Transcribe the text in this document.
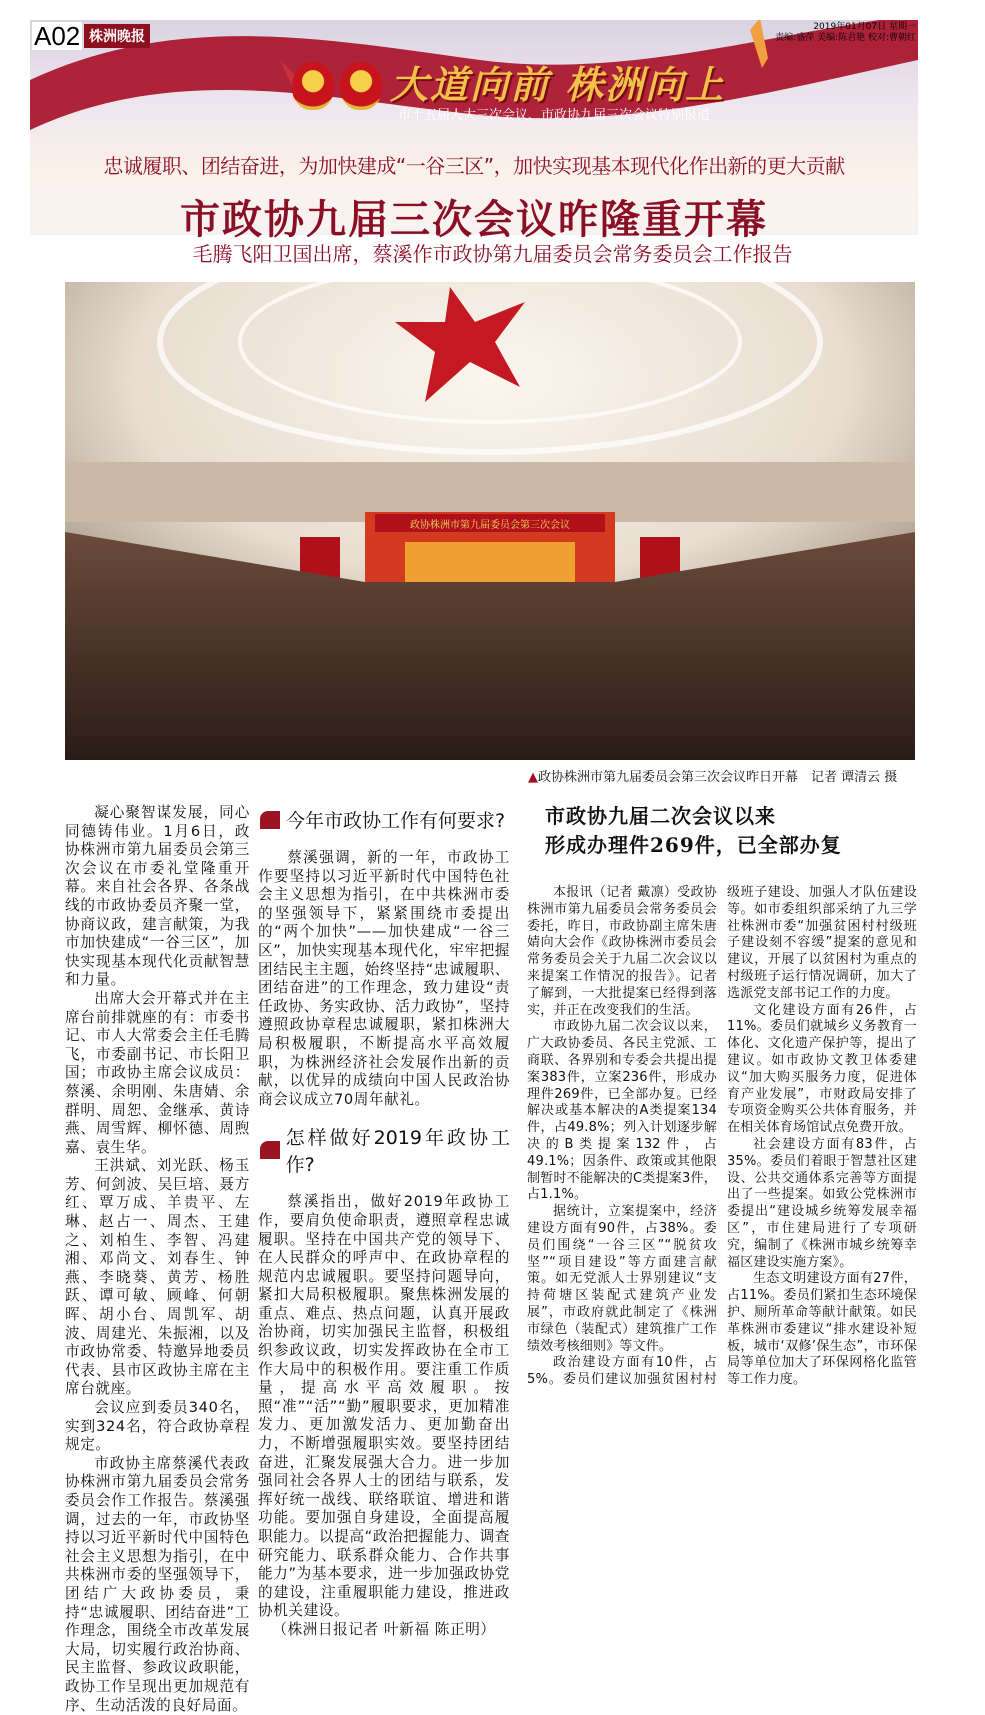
大道向前 株洲向上
市十五届人大三次会议、市政协九届三次会议特别报道
2019年01月07日 星期一
责编:盛萍 美编:陈君艳 校对:曹朝红
忠诚履职、团结奋进，为加快建成“一谷三区”，加快实现基本现代化作出新的更大贡献
市政协九届三次会议昨隆重开幕
A02 株洲晚报
毛腾飞阳卫国出席，蔡溪作市政协第九届委员会常务委员会工作报告
政协株洲市第九届委员会第三次会议
▲政协株洲市第九届委员会第三次会议昨日开幕　记者 谭清云 摄

凝心聚智谋发展，同心同德铸伟业。1月6日，政协株洲市第九届委员会第三次会议在市委礼堂隆重开幕。来自社会各界、各条战线的市政协委员齐聚一堂，协商议政，建言献策，为我市加快建成“一谷三区”，加快实现基本现代化贡献智慧和力量。

出席大会开幕式并在主席台前排就座的有：市委书记、市人大常委会主任毛腾飞，市委副书记、市长阳卫国；市政协主席会议成员：蔡溪、余明刚、朱唐婧、余群明、周恕、金继承、黄诗燕、周雪辉、柳怀德、周煦嘉、袁生华。

王洪斌、刘光跃、杨玉芳、何剑波、吴巨培、聂方红、覃万成、羊贵平、左琳、赵占一、周杰、王建之、刘柏生、李智、冯建湘、邓尚文、刘春生、钟燕、李晓葵、黄芳、杨胜跃、谭可敏、顾峰、何朝晖、胡小台、周凯军、胡波、周建光、朱振湘，以及市政协常委、特邀异地委员代表、县市区政协主席在主席台就座。

会议应到委员340名，实到324名，符合政协章程规定。

市政协主席蔡溪代表政协株洲市第九届委员会常务委员会作工作报告。蔡溪强调，过去的一年，市政协坚持以习近平新时代中国特色社会主义思想为指引，在中共株洲市委的坚强领导下，团结广大政协委员，秉持“忠诚履职、团结奋进”工作理念，围绕全市改革发展大局，切实履行政治协商、民主监督、参政议政职能，政协工作呈现出更加规范有序、生动活泼的良好局面。

今年市政协工作有何要求?

蔡溪强调，新的一年，市政协工作要坚持以习近平新时代中国特色社会主义思想为指引，在中共株洲市委的坚强领导下，紧紧围绕市委提出的“两个加快”——加快建成“一谷三区”，加快实现基本现代化，牢牢把握团结民主主题，始终坚持“忠诚履职、团结奋进”的工作理念，致力建设“责任政协、务实政协、活力政协”，坚持遵照政协章程忠诚履职，紧扣株洲大局积极履职，不断提高水平高效履职，为株洲经济社会发展作出新的贡献，以优异的成绩向中国人民政治协商会议成立70周年献礼。

怎样做好2019年政协工作?

蔡溪指出，做好2019年政协工作，要肩负使命职责，遵照章程忠诚履职。坚持在中国共产党的领导下、在人民群众的呼声中、在政协章程的规范内忠诚履职。要坚持问题导向，紧扣大局积极履职。聚焦株洲发展的重点、难点、热点问题，认真开展政治协商，切实加强民主监督，积极组织参政议政，切实发挥政协在全市工作大局中的积极作用。要注重工作质量，提高水平高效履职。按照“准”“活”“勤”履职要求，更加精准发力、更加激发活力、更加勤奋出力，不断增强履职实效。要坚持团结奋进，汇聚发展强大合力。进一步加强同社会各界人士的团结与联系，发挥好统一战线、联络联谊、增进和谐功能。要加强自身建设，全面提高履职能力。以提高“政治把握能力、调查研究能力、联系群众能力、合作共事能力”为基本要求，进一步加强政协党的建设，注重履职能力建设，推进政协机关建设。

（株洲日报记者 叶新福 陈正明）

市政协九届二次会议以来
形成办理件269件，已全部办复

本报讯（记者 戴凛）受政协株洲市第九届委员会常务委员会委托，昨日，市政协副主席朱唐婧向大会作《政协株洲市委员会常务委员会关于九届二次会议以来提案工作情况的报告》。记者了解到，一大批提案已经得到落实，并正在改变我们的生活。

市政协九届二次会议以来，广大政协委员、各民主党派、工商联、各界别和专委会共提出提案383件，立案236件，形成办理件269件，已全部办复。已经解决或基本解决的A类提案134件，占49.8%；列入计划逐步解决的B类提案132件，占49.1%；因条件、政策或其他限制暂时不能解决的C类提案3件，占1.1%。

据统计，立案提案中，经济建设方面有90件，占38%。委员们围绕“一谷三区”“脱贫攻坚”“项目建设”等方面建言献策。如无党派人士界别建议“支持荷塘区装配式建筑产业发展”，市政府就此制定了《株洲市绿色（装配式）建筑推广工作绩效考核细则》等文件。

政治建设方面有10件，占5%。委员们建议加强贫困村村级班子建设、加强人才队伍建设等。如市委组织部采纳了九三学社株洲市委“加强贫困村村级班子建设刻不容缓”提案的意见和建议，开展了以贫困村为重点的村级班子运行情况调研，加大了选派党支部书记工作的力度。

文化建设方面有26件，占11%。委员们就城乡义务教育一体化、文化遗产保护等，提出了建议。如市政协文教卫体委建议“加大购买服务力度，促进体育产业发展”，市财政局安排了专项资金购买公共体育服务，并在相关体育场馆试点免费开放。

社会建设方面有83件，占35%。委员们着眼于智慧社区建设、公共交通体系完善等方面提出了一些提案。如致公党株洲市委提出“建设城乡统筹发展幸福区”，市住建局进行了专项研究，编制了《株洲市城乡统筹幸福区建设实施方案》。

生态文明建设方面有27件，占11%。委员们紧扣生态环境保护、厕所革命等献计献策。如民革株洲市委建议“排水建设补短板，城市‘双修’保生态”，市环保局等单位加大了环保网格化监管等工作力度。
